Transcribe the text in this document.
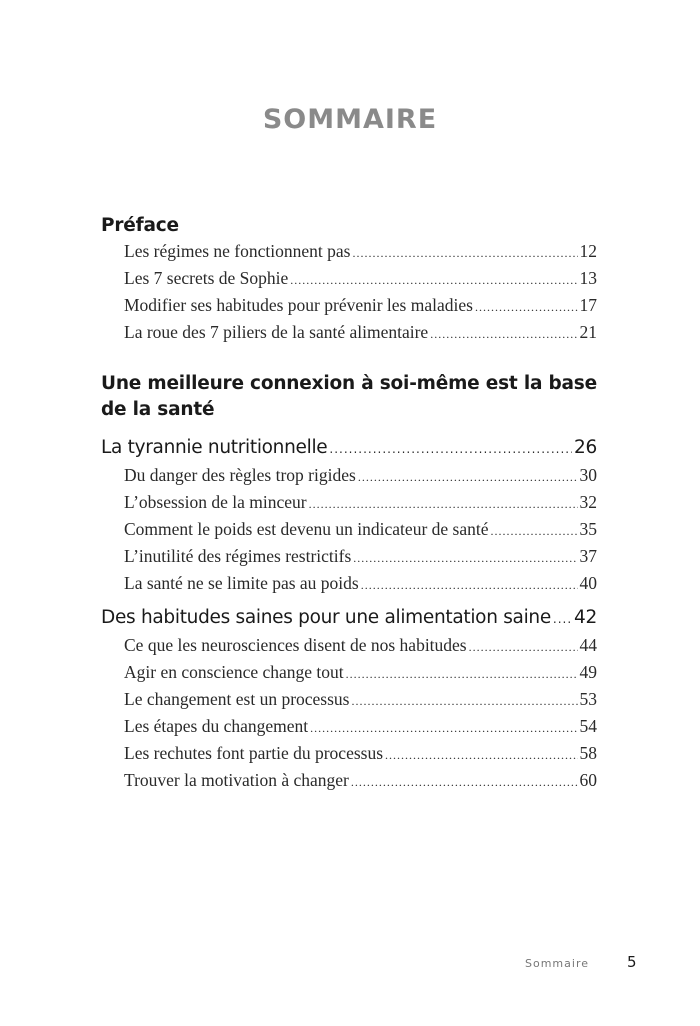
SOMMAIRE
Préface
Les régimes ne fonctionnent pas .....	12
Les 7 secrets de Sophie .....	13
Modifier ses habitudes pour prévenir les maladies .....	17
La roue des 7 piliers de la santé alimentaire .....	21
Une meilleure connexion à soi-même est la base
de la santé
La tyrannie nutritionnelle .....	26
Du danger des règles trop rigides .....	30
L’obsession de la minceur .....	32
Comment le poids est devenu un indicateur de santé .....	35
L’inutilité des régimes restrictifs .....	37
La santé ne se limite pas au poids .....	40
Des habitudes saines pour une alimentation saine ..... 42
Ce que les neurosciences disent de nos habitudes .....	44
Agir en conscience change tout .....	49
Le changement est un processus .....	53
Les étapes du changement .....	54
Les rechutes font partie du processus .....	58
Trouver la motivation à changer .....	60
Sommaire	5
